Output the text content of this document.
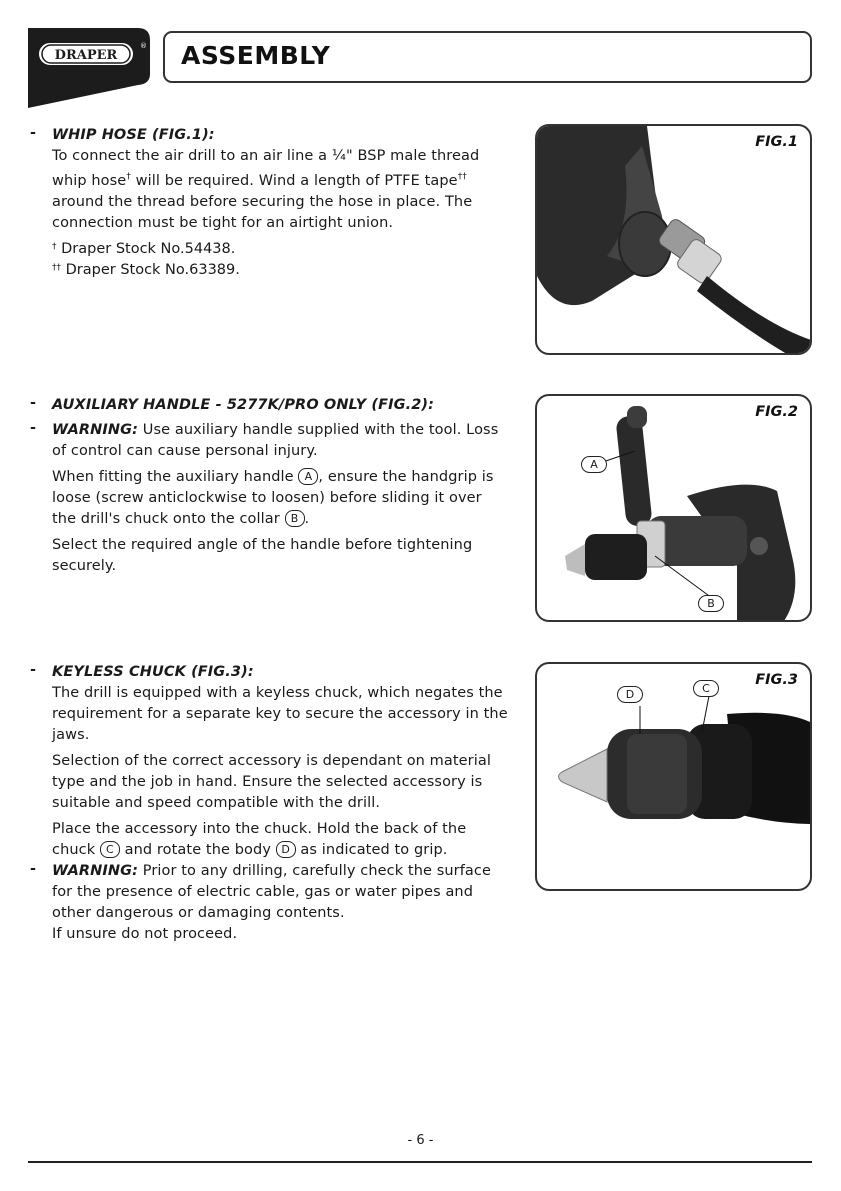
DRAPER
® ASSEMBLY
- WHIP HOSE (FIG.1):

To connect the air drill to an air line a ¼" BSP male thread whip hose† will be required. Wind a length of PTFE tape†† around the thread before securing the hose in place. The connection must be tight for an airtight union.

† Draper Stock No.54438.
†† Draper Stock No.63389.
- AUXILIARY HANDLE - 5277K/PRO ONLY (FIG.2):
- WARNING: Use auxiliary handle supplied with the tool. Loss of control can cause personal injury.

When fitting the auxiliary handle A , ensure the handgrip is loose (screw anticlockwise to loosen) before sliding it over the drill's chuck onto the collar B .

Select the required angle of the handle before tightening securely.

- KEYLESS CHUCK (FIG.3):

The drill is equipped with a keyless chuck, which negates the requirement for a separate key to secure the accessory in the jaws.

Selection of the correct accessory is dependant on material type and the job in hand. Ensure the selected accessory is suitable and speed compatible with the drill.

Place the accessory into the chuck. Hold the back of the chuck C and rotate the body D as indicated to grip.

- WARNING: Prior to any drilling, carefully check the surface for the presence of electric cable, gas or water pipes and other dangerous or damaging contents.

If unsure do not proceed.

FIG.1
A
B
FIG.2
D	C
FIG.3
- 6 -
